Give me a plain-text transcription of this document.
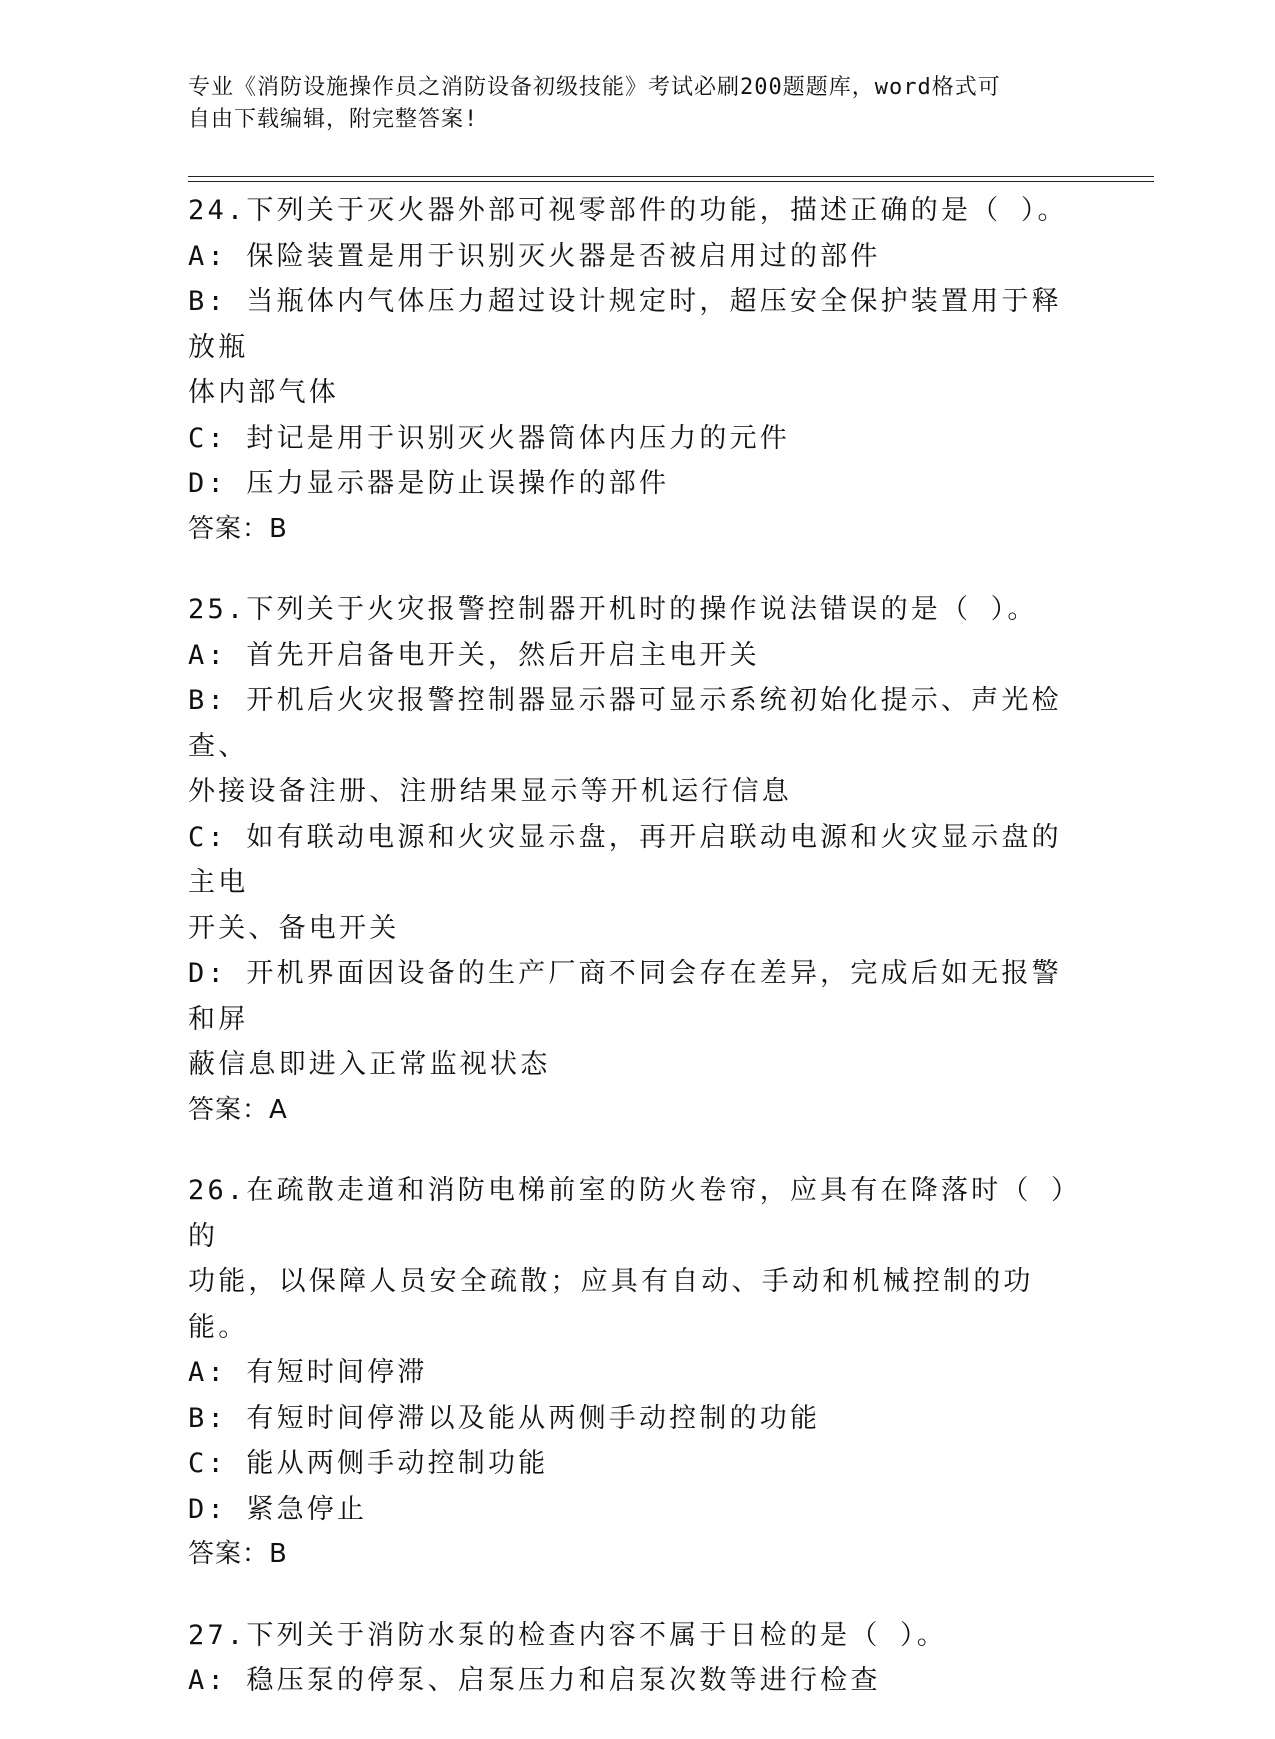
专业《消防设施操作员之消防设备初级技能》考试必刷200题题库，word格式可
自由下载编辑，附完整答案!
24.下列关于灭火器外部可视零部件的功能，描述正确的是（ ）。
A: 保险装置是用于识别灭火器是否被启用过的部件
B: 当瓶体内气体压力超过设计规定时，超压安全保护装置用于释放瓶
体内部气体
C: 封记是用于识别灭火器筒体内压力的元件
D: 压力显示器是防止误操作的部件
答案：B
25.下列关于火灾报警控制器开机时的操作说法错误的是（ ）。
A: 首先开启备电开关，然后开启主电开关
B: 开机后火灾报警控制器显示器可显示系统初始化提示、声光检查、
外接设备注册、注册结果显示等开机运行信息
C: 如有联动电源和火灾显示盘，再开启联动电源和火灾显示盘的主电
开关、备电开关
D: 开机界面因设备的生产厂商不同会存在差异，完成后如无报警和屏
蔽信息即进入正常监视状态
答案：A
26.在疏散走道和消防电梯前室的防火卷帘，应具有在降落时（ ）的
功能，以保障人员安全疏散；应具有自动、手动和机械控制的功能。
A: 有短时间停滞
B: 有短时间停滞以及能从两侧手动控制的功能
C: 能从两侧手动控制功能
D: 紧急停止
答案：B
27.下列关于消防水泵的检查内容不属于日检的是（ ）。
A: 稳压泵的停泵、启泵压力和启泵次数等进行检查
